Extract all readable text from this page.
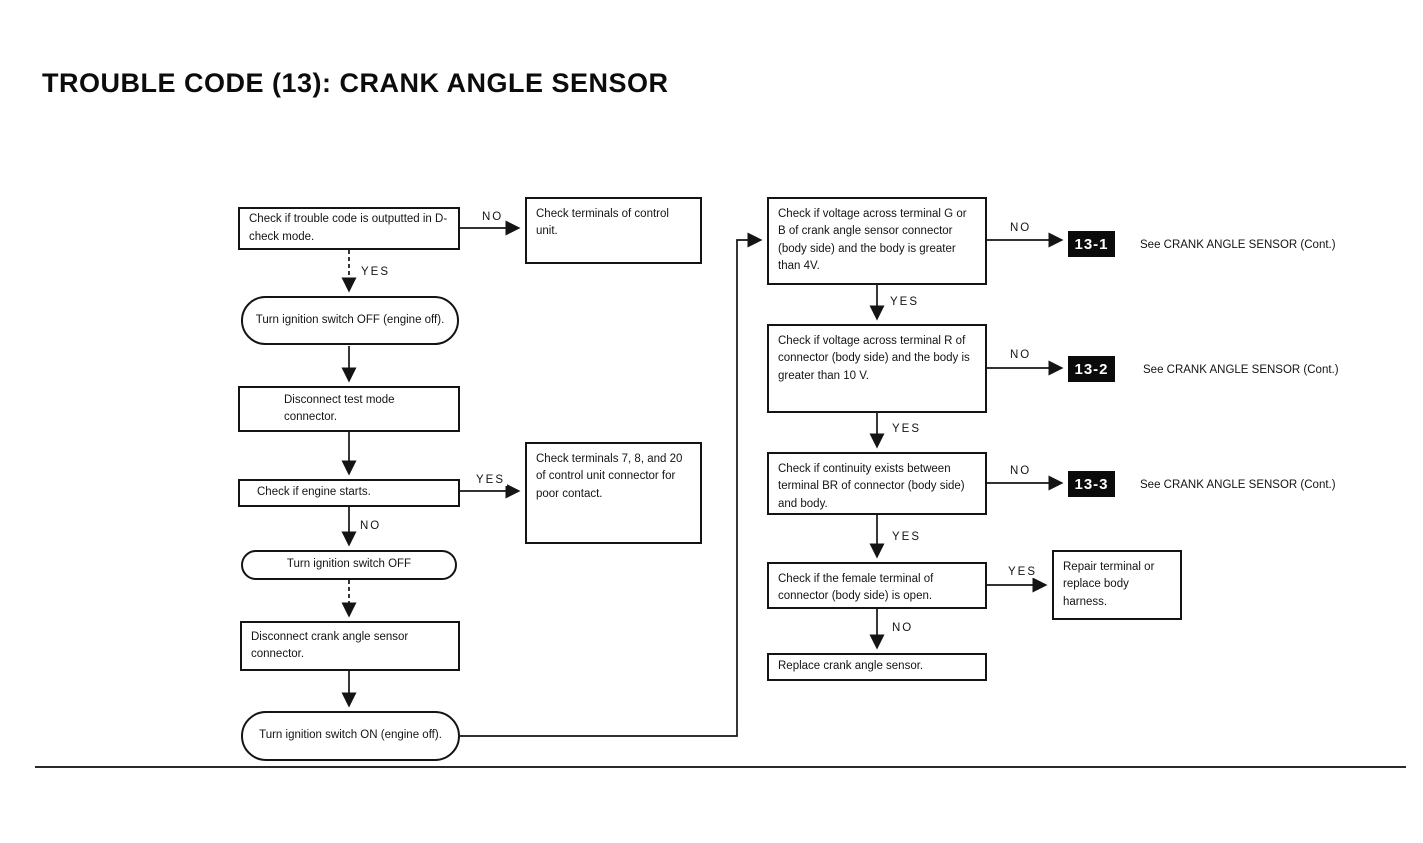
TROUBLE CODE (13): CRANK ANGLE SENSOR
Check if trouble code is outputted in D-check mode.
Check terminals of control unit.
Turn ignition switch OFF (engine off).
Disconnect test mode connector.
Check if engine starts.
Check terminals 7, 8, and 20 of control unit connector for poor contact.
Turn ignition switch OFF
Disconnect crank angle sensor connector.
Turn ignition switch ON (engine off).
Check if voltage across terminal G or B of crank angle sensor connector (body side) and the body is greater than 4V.
Check if voltage across terminal R of connector (body side) and the body is greater than 10 V.
Check if continuity exists between terminal BR of connector (body side) and body.
Check if the female terminal of connector (body side) is open.
Replace crank angle sensor.
Repair terminal or replace body harness.
13-1	See CRANK ANGLE SENSOR (Cont.)
13-2	See CRANK ANGLE SENSOR (Cont.)
13-3	See CRANK ANGLE SENSOR (Cont.)
NO
YES
YES
NO
NO
YES
NO
YES
NO
YES
YES
NO
